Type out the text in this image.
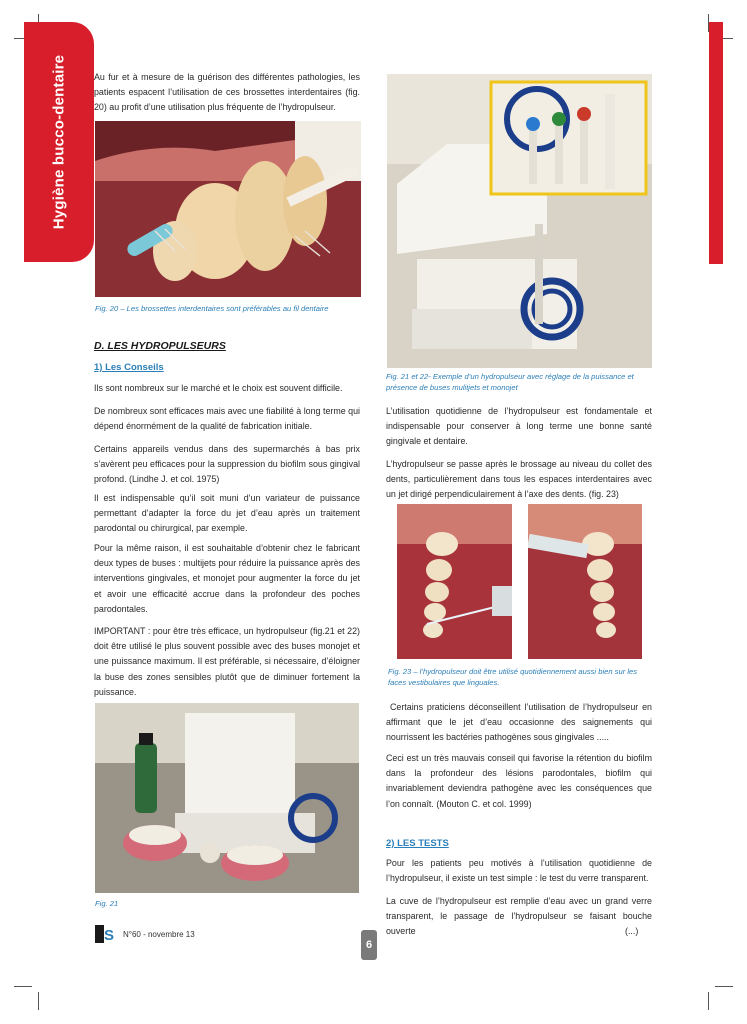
Hygiène bucco-dentaire	Au fur et à mesure de la guérison des différentes pathologies, les patients espacent l’utilisation de ces brossettes interdentaires (fig. 20) au profit d’une utilisation plus fréquente de l’hydropulseur.
Fig. 20 – Les brossettes interdentaires sont préférables au fil dentaire
D. LES HYDROPULSEURS
1) Les Conseils
Ils sont nombreux sur le marché et le choix est souvent difficile.
De nombreux sont efficaces mais avec une fiabilité à long terme qui dépend énormément de la qualité de fabrication initiale.
Certains appareils vendus dans des supermarchés à bas prix s’avèrent peu efficaces pour la suppression du biofilm sous gingival profond. (Lindhe J. et col. 1975)
Il est indispensable qu’il soit muni d’un variateur de puissance permettant d’adapter la force du jet d’eau après un traitement parodontal ou chirurgical, par exemple.
Pour la même raison, il est souhaitable d’obtenir chez le fabricant deux types de buses : multijets pour réduire la puissance après des interventions gingivales, et monojet pour augmenter la force du jet et avoir une efficacité accrue dans la profondeur des poches parodontales.
IMPORTANT : pour être très efficace, un hydropulseur (fig.21 et 22) doit être utilisé le plus souvent possible avec des buses monojet et une puissance maximum. Il est préférable, si nécessaire, d’éloigner la buse des zones sensibles plutôt que de diminuer fortement la puissance.
Fig. 21
Fig. 21 et 22- Exemple d’un hydropulseur avec réglage de la puissance et présence de buses mulitjets et monojet
L’utilisation quotidienne de l’hydropulseur est fondamentale et indispensable pour conserver à long terme une bonne santé gingivale et dentaire.
L’hydropulseur se passe après le brossage au niveau du collet des dents, particulièrement dans tous les espaces interdentaires avec un jet dirigé perpendiculairement à l’axe des dents. (fig. 23)
Fig. 23 – l’hydropulseur doit être utilisé quotidiennement aussi bien sur les faces vestibulaires que linguales.
Certains praticiens déconseillent l’utilisation de l’hydropulseur en affirmant que le jet d’eau occasionne des saignements qui nourrissent les bactéries pathogènes sous gingivales .....
Ceci est un très mauvais conseil qui favorise la rétention du biofilm dans la profondeur des lésions parodontales, biofilm qui invariablement deviendra pathogène avec les conséquences que l’on connaît. (Mouton C. et col. 1999)
2) LES TESTS
Pour les patients peu motivés à l’utilisation quotidienne de l’hydropulseur, il existe un test simple : le test du verre transparent.
La cuve de l’hydropulseur est remplie d’eau avec un grand verre transparent, le passage de l’hydropulseur se faisant bouche ouverte	(...)
S N°60 - novembre 13
6
